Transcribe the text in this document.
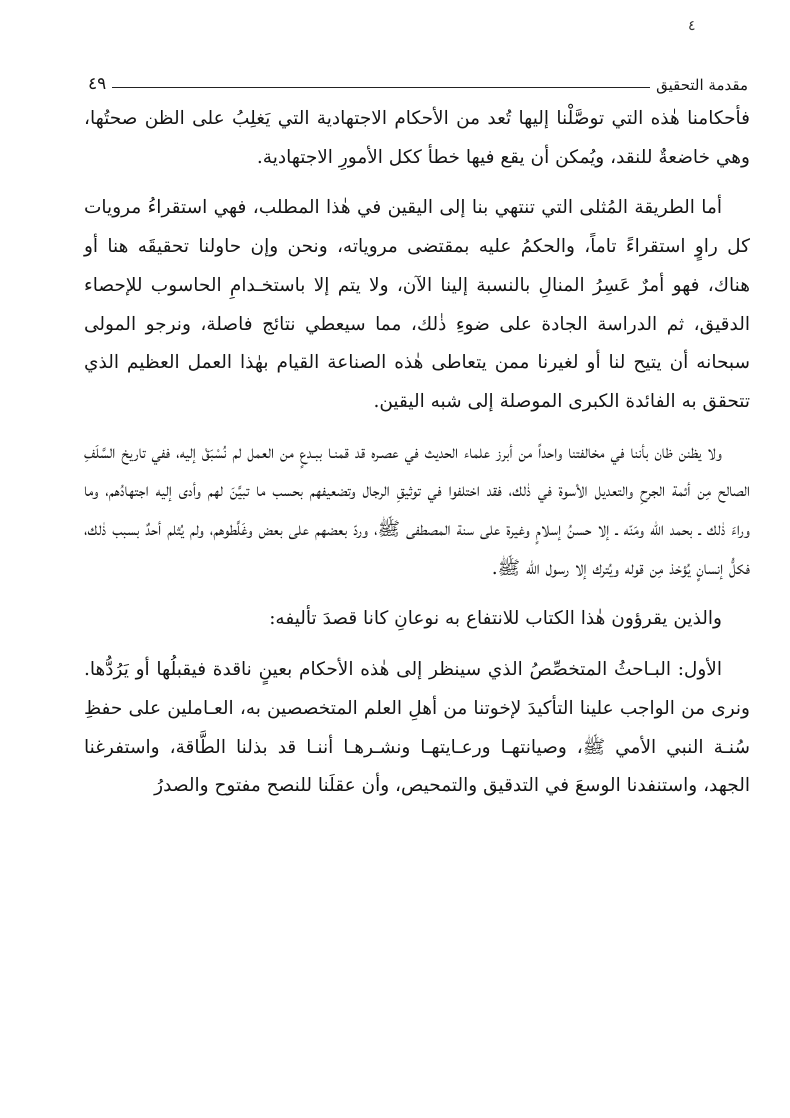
٤
مقدمة التحقيق
٤٩

فأحكامنا هٰذه التي توصَّلْنا إليها تُعد من الأحكام الاجتهادية التي يَغلِبُ على الظن صحتُها، وهي خاضعةٌ للنقد، ويُمكن أن يقع فيها خطأ ككل الأمورِ الاجتهادية.

أما الطريقة المُثلى التي تنتهي بنا إلى اليقين في هٰذا المطلب، فهي استقراءُ مرويات كل راوٍ استقراءً تاماً، والحكمُ عليه بمقتضى مروياته، ونحن وإن حاولنا تحقيقَه هنا أو هناك، فهو أمرٌ عَسِرُ المنالِ بالنسبة إلينا الآن، ولا يتم إلا باستخـدامِ الحاسوب للإحصاء الدقيق، ثم الدراسة الجادة على ضوءِ ذٰلك، مما سيعطي نتائج فاصلة، ونرجو المولى سبحانه أن يتيح لنا أو لغيرنا ممن يتعاطى هٰذه الصناعة القيام بهٰذا العمل العظيم الذي تتحقق به الفائدة الكبرى الموصلة إلى شبه اليقين.

ولا يظنن ظان بأننا في مخالفتنا واحداً من أبرز علماء الحديث في عصـره قد قمنـا ببـدعٍ من العمل لم نُسْبَقْ إليه، ففي تاريخ السَّلَفِ الصالح مِن أئمة الجرحِ والتعديل الأسوة في ذٰلك، فقد اختلفوا في توثيقِ الرجال وتضعيفهم بحسب ما تبيَّنَ لهم وأدى إليه اجتهادُهم، وما وراءَ ذٰلك ـ بحمد الله ومَنّه ـ إلا حسنُ إسلامٍ وغيرة على سنة المصطفى ﷺ، وردّ بعضهم على بعض وغَلَّطوهم، ولم يُثلم أحدٌ بسبب ذٰلك، فكلُّ إنسانٍ يُؤخذ مِن قوله ويُترك إلا رسول الله ﷺ.

والذين يقرؤون هٰذا الكتاب للانتفاع به نوعانِ كانا قصدَ تأليفه:

الأول: البـاحثُ المتخصِّصُ الذي سينظر إلى هٰذه الأحكام بعينٍ ناقدة فيقبلُها أو يَرُدُّها. ونرى من الواجب علينا التأكيدَ لإخوتنا من أهلِ العلم المتخصصين به، العـاملين على حفظِ سُنـة النبي الأمي ﷺ، وصيانتهـا ورعـايتهـا ونشـرهـا أننـا قد بذلنا الطَّاقة، واستفرغنا الجهد، واستنفدنا الوسعَ في التدقيق والتمحيص، وأن عقلَنا للنصح مفتوح والصدرُ
